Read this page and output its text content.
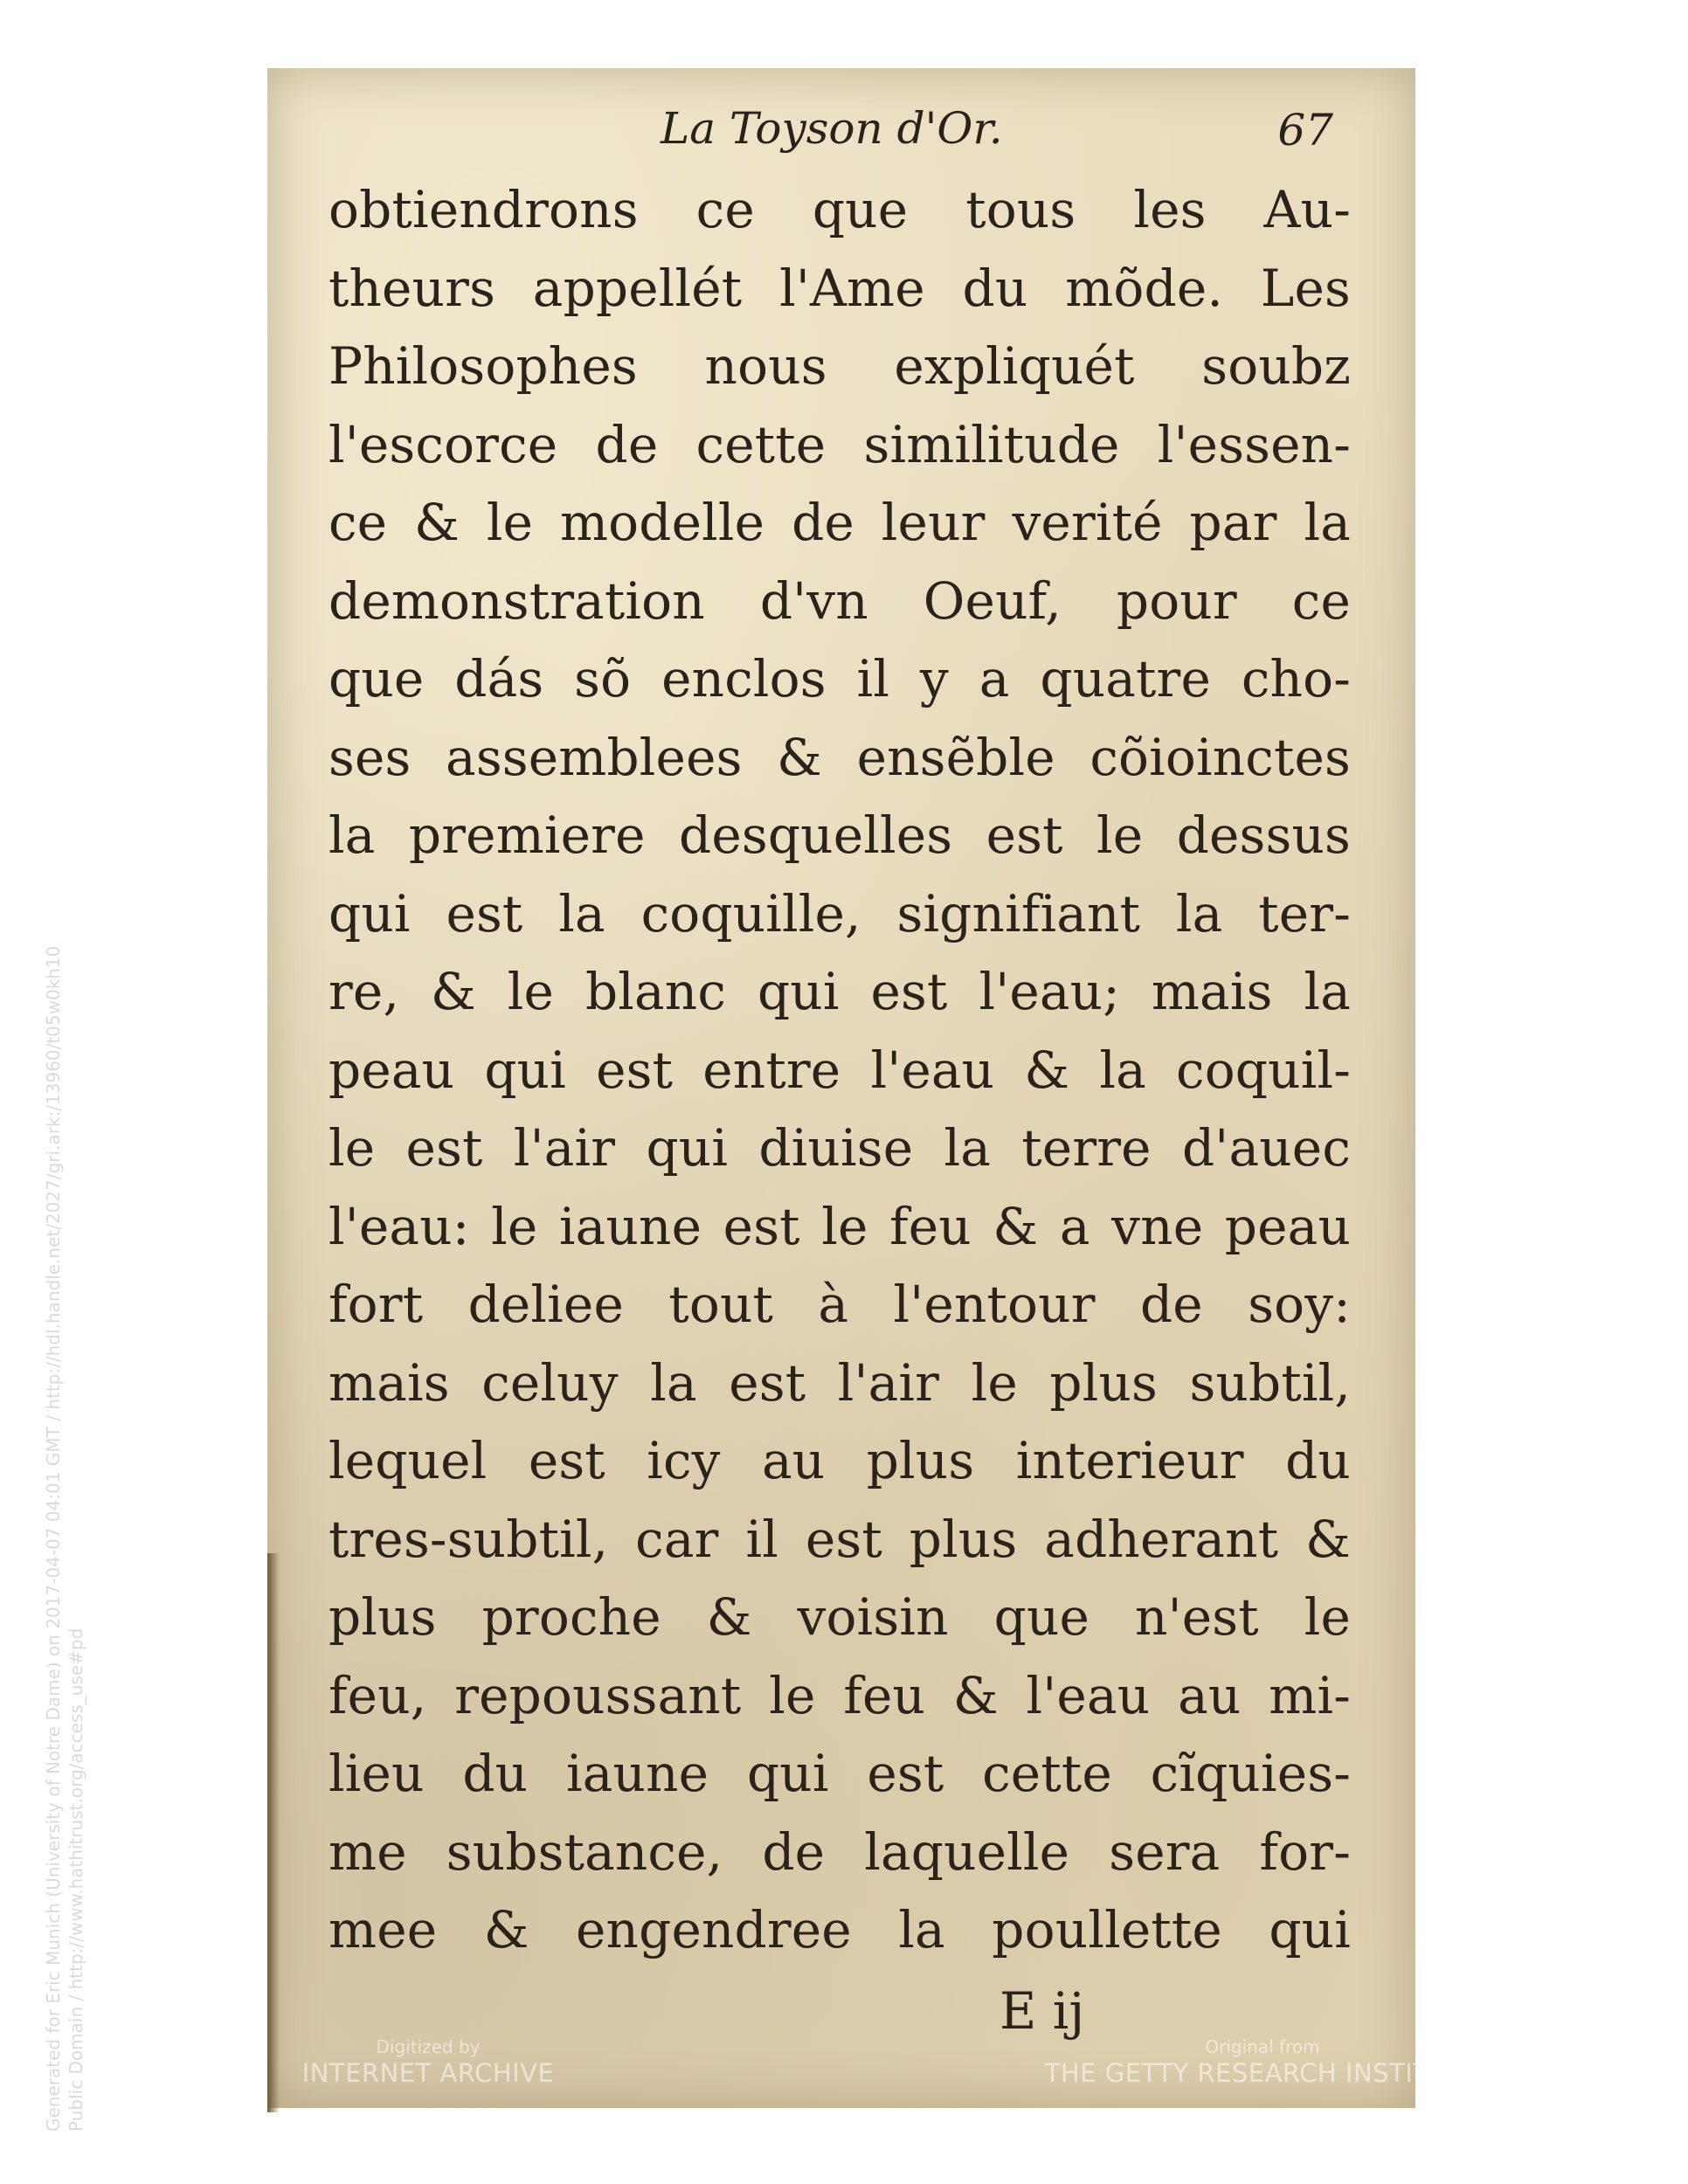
La Toyson d'Or.	67
obtiendrons ce que tous les Au-
theurs appellét l'Ame du mõde. Les
Philosophes nous expliquét soubz
l'escorce de cette similitude l'essen-
ce & le modelle de leur verité par la
demonstration d'vn Oeuf, pour ce
que dás sõ enclos il y a quatre cho-
ses assemblees & ensẽble cõioinctes
la premiere desquelles est le dessus
qui est la coquille, signifiant la ter-
re, & le blanc qui est l'eau; mais la
peau qui est entre l'eau & la coquil-
le est l'air qui diuise la terre d'auec
l'eau: le iaune est le feu & a vne peau
fort deliee tout à l'entour de soy:
mais celuy la est l'air le plus subtil,
lequel est icy au plus interieur du
tres-subtil, car il est plus adherant &
plus proche & voisin que n'est le
feu, repoussant le feu & l'eau au mi-
lieu du iaune qui est cette cĩquies-
me substance, de laquelle sera for-
mee & engendree la poullette qui
E ij
Digitized by
INTERNET ARCHIVE
Original from
THE GETTY RESEARCH INSTITUTE
Generated for Eric Munich (University of Notre Dame) on 2017-04-07 04:01 GMT / http://hdl.handle.net/2027/gri.ark:/13960/t05w0kh10 Public Domain / http://www.hathitrust.org/access_use#pd
